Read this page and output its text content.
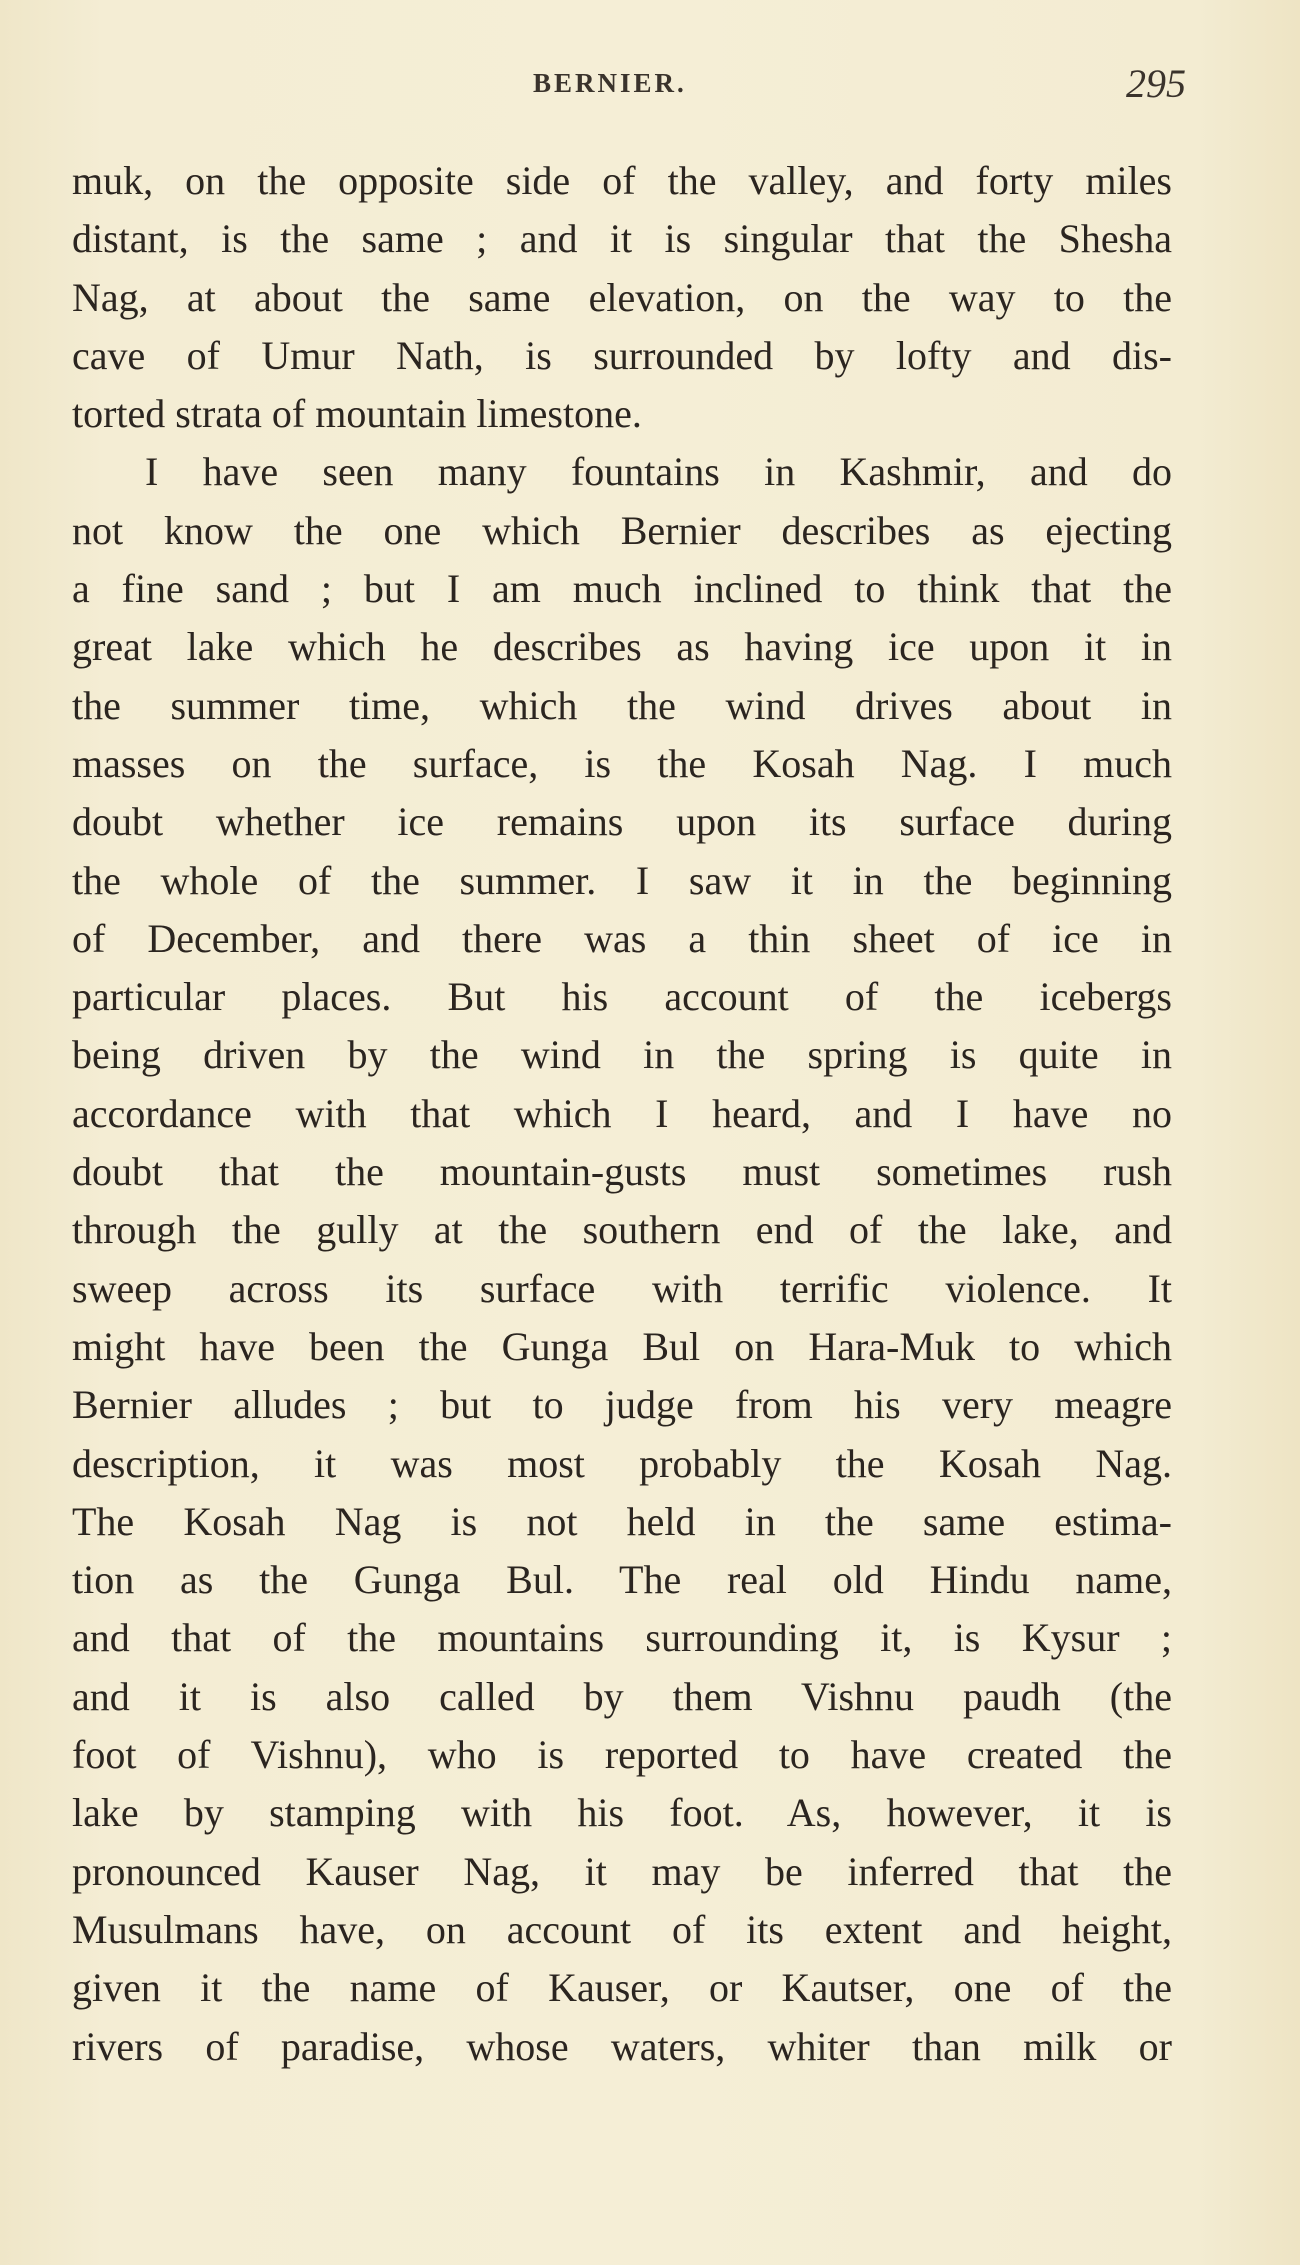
BERNIER.	295
muk, on the opposite side of the valley, and forty miles
distant, is the same ; and it is singular that the Shesha
Nag, at about the same elevation, on the way to the
cave of Umur Nath, is surrounded by lofty and dis-
torted strata of mountain limestone.
I have seen many fountains in Kashmir, and do
not know the one which Bernier describes as ejecting
a fine sand ; but I am much inclined to think that the
great lake which he describes as having ice upon it in
the summer time, which the wind drives about in
masses on the surface, is the Kosah Nag. I much
doubt whether ice remains upon its surface during
the whole of the summer. I saw it in the beginning
of December, and there was a thin sheet of ice in
particular places. But his account of the icebergs
being driven by the wind in the spring is quite in
accordance with that which I heard, and I have no
doubt that the mountain-gusts must sometimes rush
through the gully at the southern end of the lake, and
sweep across its surface with terrific violence. It
might have been the Gunga Bul on Hara-Muk to which
Bernier alludes ; but to judge from his very meagre
description, it was most probably the Kosah Nag.
The Kosah Nag is not held in the same estima-
tion as the Gunga Bul. The real old Hindu name,
and that of the mountains surrounding it, is Kysur ;
and it is also called by them Vishnu paudh (the
foot of Vishnu), who is reported to have created the
lake by stamping with his foot. As, however, it is
pronounced Kauser Nag, it may be inferred that the
Musulmans have, on account of its extent and height,
given it the name of Kauser, or Kautser, one of the
rivers of paradise, whose waters, whiter than milk or
